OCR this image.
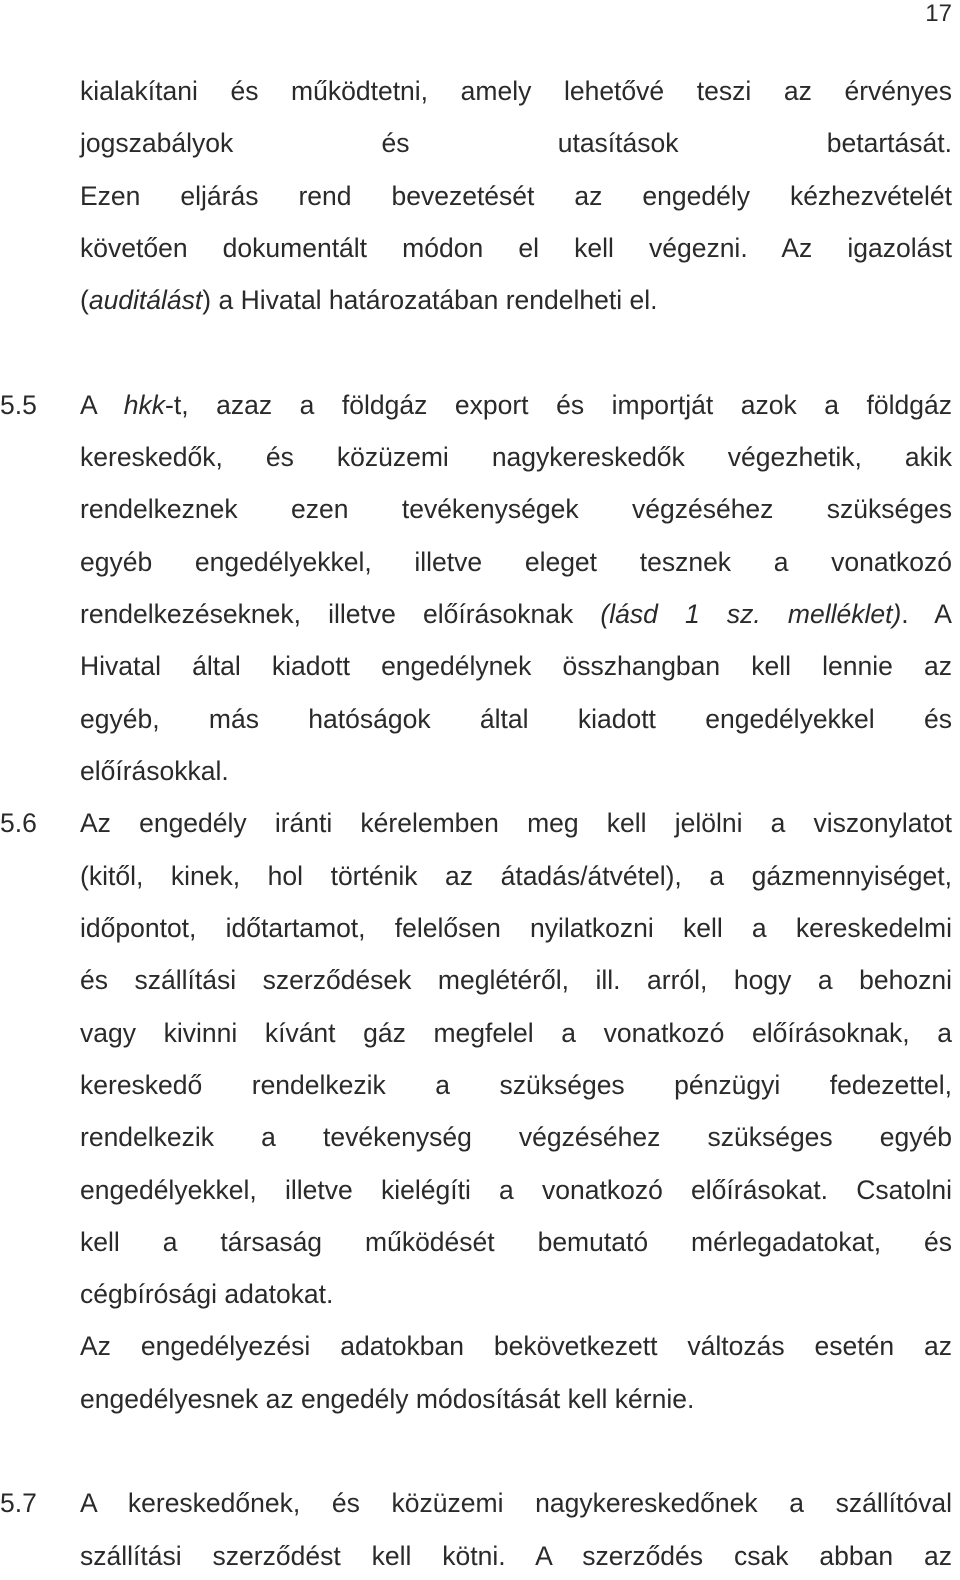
17
kialakítani és működtetni, amely lehetővé teszi az érvényes
jogszabályok és utasítások betartását.
Ezen eljárás rend bevezetését az engedély kézhezvételét
követően dokumentált módon el kell végezni. Az igazolást
(auditálást) a Hivatal határozatában rendelheti el.
5.5 A hkk-t, azaz a földgáz export és importját azok a földgáz
kereskedők, és közüzemi nagykereskedők végezhetik, akik
rendelkeznek ezen tevékenységek végzéséhez szükséges
egyéb engedélyekkel, illetve eleget tesznek a vonatkozó
rendelkezéseknek, illetve előírásoknak (lásd 1 sz. melléklet). A
Hivatal által kiadott engedélynek összhangban kell lennie az
egyéb, más hatóságok által kiadott engedélyekkel és
előírásokkal.
5.6 Az engedély iránti kérelemben meg kell jelölni a viszonylatot
(kitől, kinek, hol történik az átadás/átvétel), a gázmennyiséget,
időpontot, időtartamot, felelősen nyilatkozni kell a kereskedelmi
és szállítási szerződések meglétéről, ill. arról, hogy a behozni
vagy kivinni kívánt gáz megfelel a vonatkozó előírásoknak, a
kereskedő rendelkezik a szükséges pénzügyi fedezettel,
rendelkezik a tevékenység végzéséhez szükséges egyéb
engedélyekkel, illetve kielégíti a vonatkozó előírásokat. Csatolni
kell a társaság működését bemutató mérlegadatokat, és
cégbírósági adatokat.
Az engedélyezési adatokban bekövetkezett változás esetén az
engedélyesnek az engedély módosítását kell kérnie.
5.7 A kereskedőnek, és közüzemi nagykereskedőnek a szállítóval
szállítási szerződést kell kötni. A szerződés csak abban az
